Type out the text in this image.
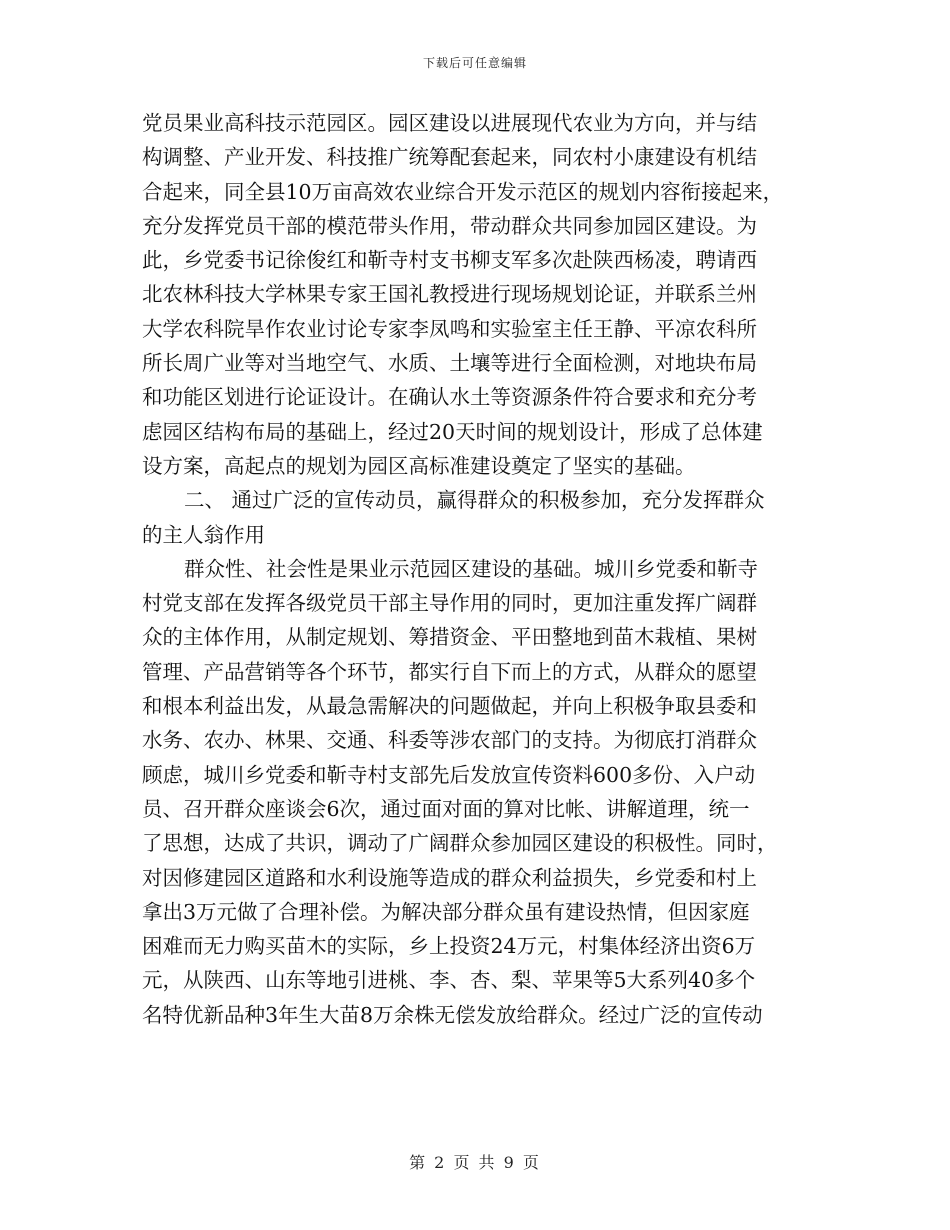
下载后可任意编辑
党员果业高科技示范园区。园区建设以进展现代农业为方向，并与结
构调整、产业开发、科技推广统筹配套起来，同农村小康建设有机结
合起来，同全县10万亩高效农业综合开发示范区的规划内容衔接起来，
充分发挥党员干部的模范带头作用，带动群众共同参加园区建设。为
此，乡党委书记徐俊红和靳寺村支书柳支军多次赴陕西杨凌，聘请西
北农林科技大学林果专家王国礼教授进行现场规划论证，并联系兰州
大学农科院旱作农业讨论专家李凤鸣和实验室主任王静、平凉农科所
所长周广业等对当地空气、水质、土壤等进行全面检测，对地块布局
和功能区划进行论证设计。在确认水土等资源条件符合要求和充分考
虑园区结构布局的基础上，经过20天时间的规划设计，形成了总体建
设方案，高起点的规划为园区高标准建设奠定了坚实的基础。
二、 通过广泛的宣传动员，赢得群众的积极参加，充分发挥群众
的主人翁作用
群众性、社会性是果业示范园区建设的基础。城川乡党委和靳寺
村党支部在发挥各级党员干部主导作用的同时，更加注重发挥广阔群
众的主体作用，从制定规划、筹措资金、平田整地到苗木栽植、果树
管理、产品营销等各个环节，都实行自下而上的方式，从群众的愿望
和根本利益出发，从最急需解决的问题做起，并向上积极争取县委和
水务、农办、林果、交通、科委等涉农部门的支持。为彻底打消群众
顾虑，城川乡党委和靳寺村支部先后发放宣传资料600多份、入户动
员、召开群众座谈会6次，通过面对面的算对比帐、讲解道理，统一
了思想，达成了共识，调动了广阔群众参加园区建设的积极性。同时，
对因修建园区道路和水利设施等造成的群众利益损失，乡党委和村上
拿出3万元做了合理补偿。为解决部分群众虽有建设热情，但因家庭
困难而无力购买苗木的实际，乡上投资24万元，村集体经济出资6万
元，从陕西、山东等地引进桃、李、杏、梨、苹果等5大系列40多个
名特优新品种3年生大苗8万余株无偿发放给群众。经过广泛的宣传动
第 2 页 共 9 页
